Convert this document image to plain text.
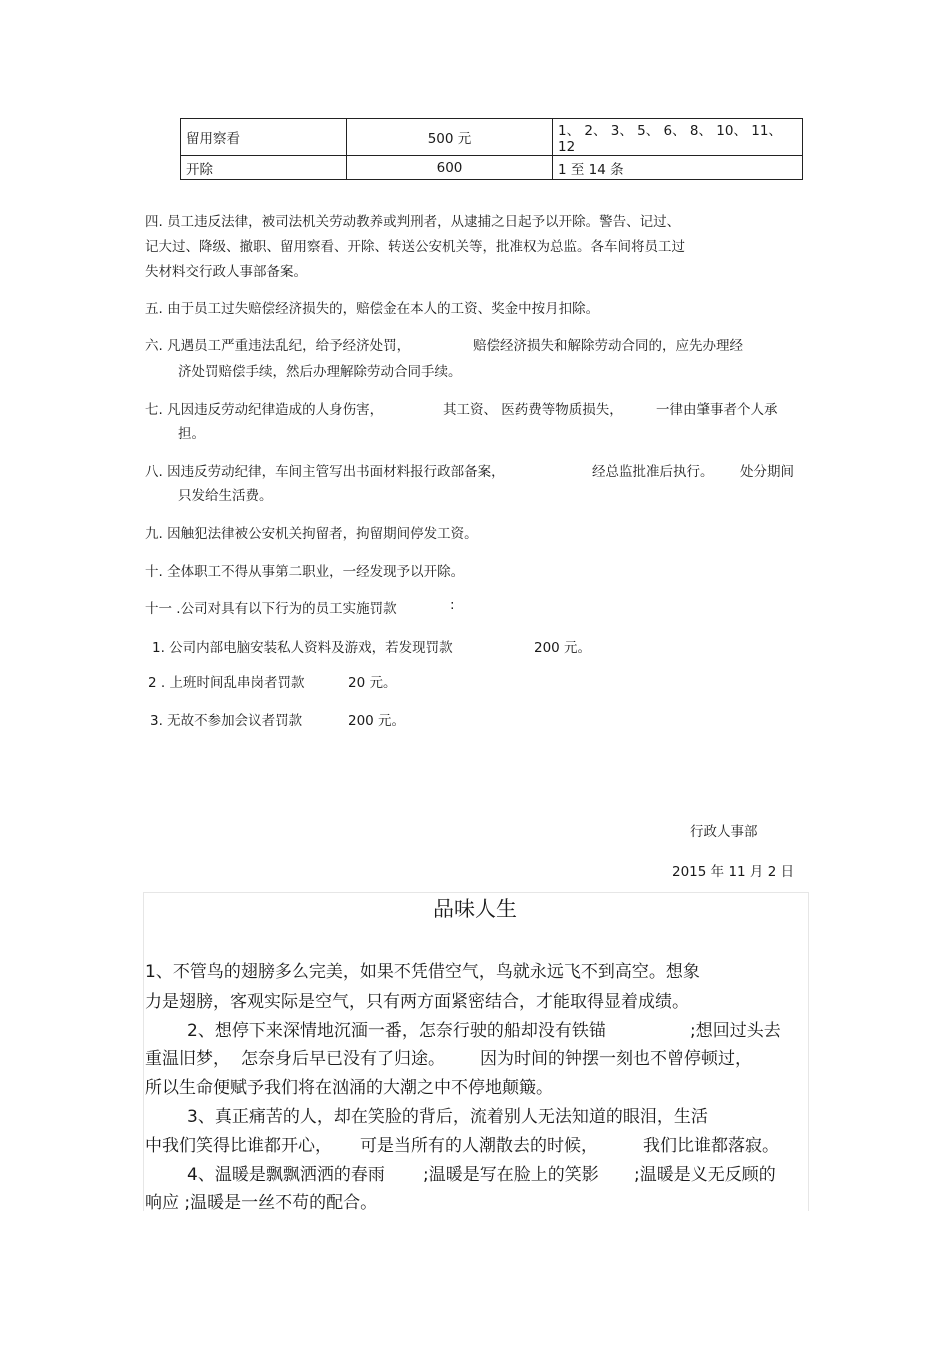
留用察看	500 元	1、 2、 3、 5、 6、 8、 10、 11、 12
开除	600	1 至 14 条
四. 员工违反法律，被司法机关劳动教养或判刑者，从逮捕之日起予以开除。警告、记过、
记大过、降级、撤职、留用察看、开除、转送公安机关等，批准权为总监。各车间将员工过
失材料交行政人事部备案。
五. 由于员工过失赔偿经济损失的，赔偿金在本人的工资、奖金中按月扣除。
六. 凡遇员工严重违法乱纪，给予经济处罚，	赔偿经济损失和解除劳动合同的，应先办理经
济处罚赔偿手续，然后办理解除劳动合同手续。
七. 凡因违反劳动纪律造成的人身伤害，	其工资、 医药费等物质损失， 一律由肇事者个人承
担。
八. 因违反劳动纪律，车间主管写出书面材料报行政部备案，	经总监批准后执行。 处分期间
只发给生活费。
九. 因触犯法律被公安机关拘留者，拘留期间停发工资。
十. 全体职工不得从事第二职业，一经发现予以开除。
十一 .公司对具有以下行为的员工实施罚款	:
1. 公司内部电脑安装私人资料及游戏，若发现罚款	200 元。
2 . 上班时间乱串岗者罚款	20 元。
3. 无故不参加会议者罚款	200 元。
行政人事部
2015 年 11 月 2 日
品味人生
1、不管鸟的翅膀多么完美，如果不凭借空气，鸟就永远飞不到高空。想象
力是翅膀，客观实际是空气，只有两方面紧密结合，才能取得显着成绩。
2、想停下来深情地沉湎一番，怎奈行驶的船却没有铁锚	;想回过头去
重温旧梦， 怎奈身后早已没有了归途。 因为时间的钟摆一刻也不曾停顿过，
所以生命便赋予我们将在汹涌的大潮之中不停地颠簸。
3、真正痛苦的人，却在笑脸的背后，流着别人无法知道的眼泪，生活
中我们笑得比谁都开心， 可是当所有的人潮散去的时候，	我们比谁都落寂。
4、温暖是飘飘洒洒的春雨 ;温暖是写在脸上的笑影 ;温暖是义无反顾的
响应 ;温暖是一丝不苟的配合。
